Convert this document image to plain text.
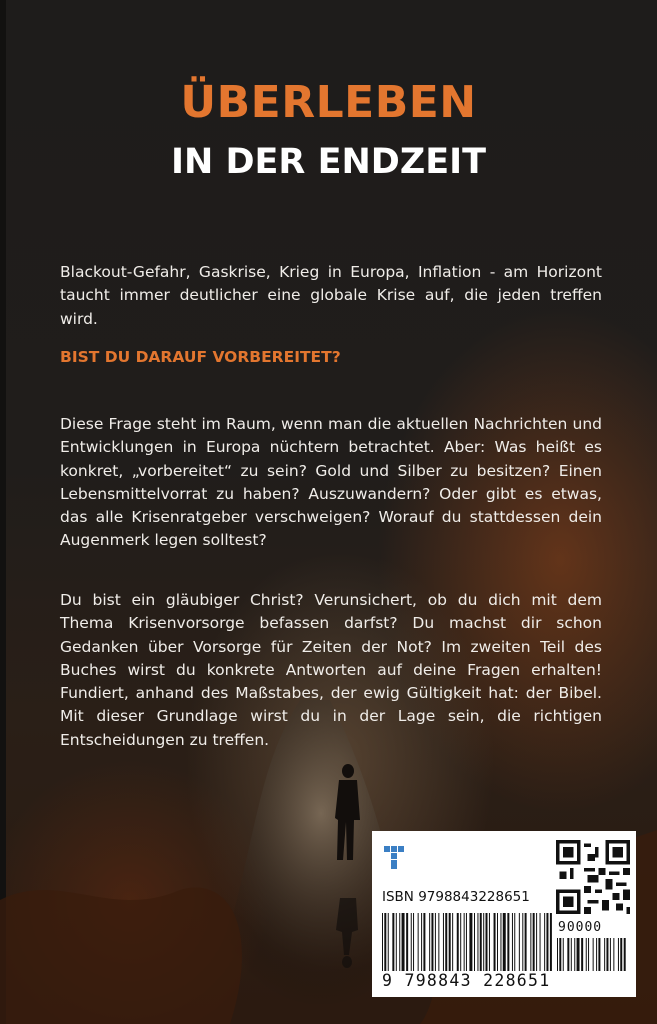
ÜBERLEBEN
IN DER ENDZEIT
Blackout-Gefahr, Gaskrise, Krieg in Europa, Inflation - am Horizont taucht immer deutlicher eine globale Krise auf, die jeden treffen wird.
BIST DU DARAUF VORBEREITET?
Diese Frage steht im Raum, wenn man die aktuellen Nachrichten und Entwicklungen in Europa nüchtern betrachtet. Aber: Was heißt es konkret, „vorbereitet“ zu sein? Gold und Silber zu besitzen? Einen Lebensmittelvorrat zu haben? Auszuwandern? Oder gibt es etwas, das alle Krisenratgeber verschweigen? Worauf du stattdessen dein Augenmerk legen solltest?
Du bist ein gläubiger Christ? Verunsichert, ob du dich mit dem Thema Krisenvorsorge befassen darfst? Du machst dir schon Gedanken über Vorsorge für Zeiten der Not? Im zweiten Teil des Buches wirst du konkrete Antworten auf deine Fragen erhalten! Fundiert, anhand des Maßstabes, der ewig Gültigkeit hat: der Bibel. Mit dieser Grundlage wirst du in der Lage sein, die richtigen Entscheidungen zu treffen.
ISBN 9798843228651
90000
9 798843 228651
